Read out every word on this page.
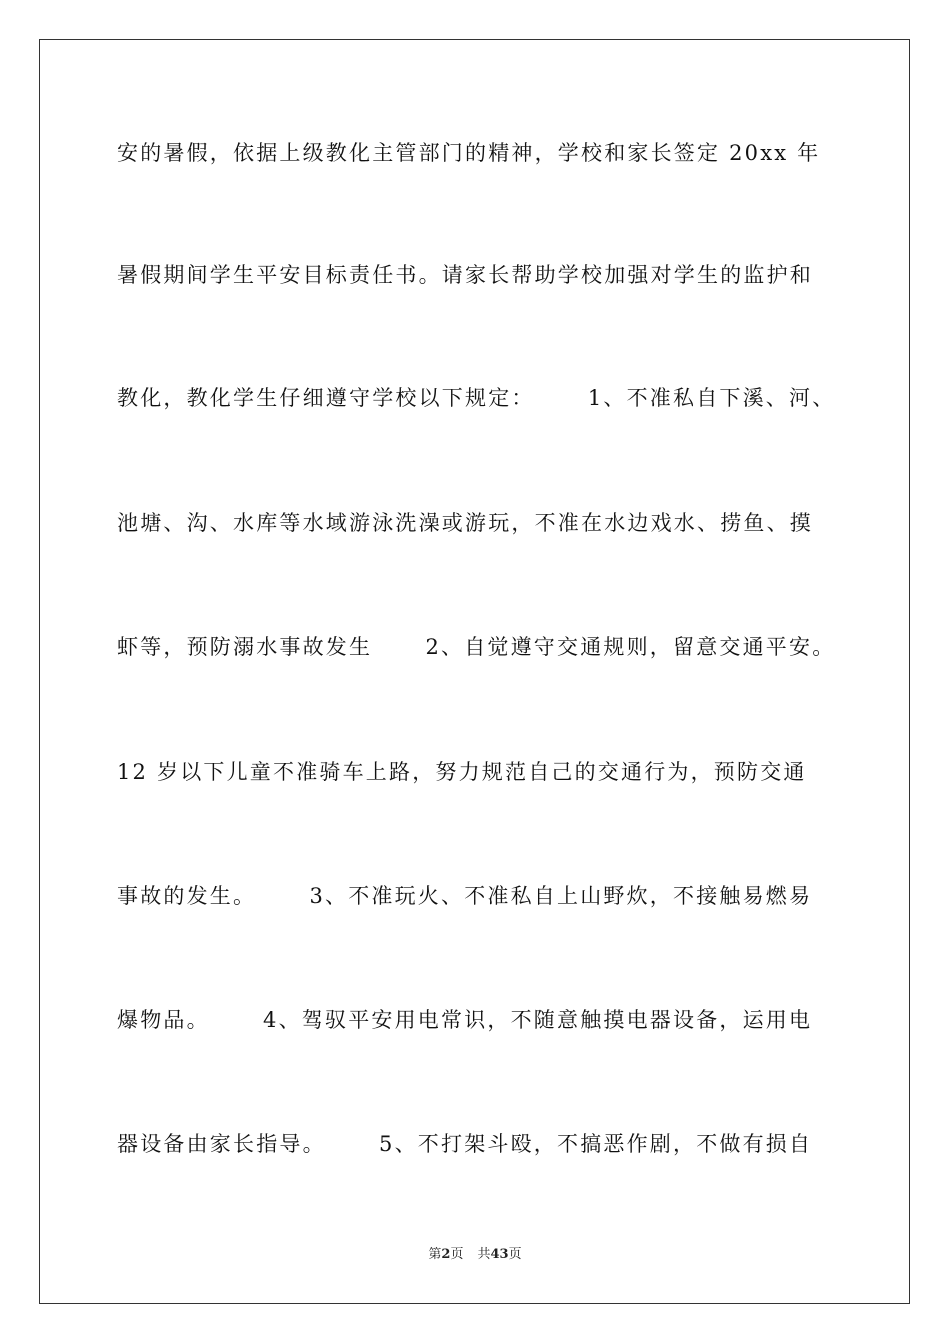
安的暑假，依据上级教化主管部门的精神，学校和家长签定 20xx 年
暑假期间学生平安目标责任书。请家长帮助学校加强对学生的监护和
教化，教化学生仔细遵守学校以下规定：      1、不准私自下溪、河、
池塘、沟、水库等水域游泳洗澡或游玩，不准在水边戏水、捞鱼、摸
虾等，预防溺水事故发生      2、自觉遵守交通规则，留意交通平安。
12 岁以下儿童不准骑车上路，努力规范自己的交通行为，预防交通
事故的发生。      3、不准玩火、不准私自上山野炊，不接触易燃易
爆物品。      4、驾驭平安用电常识，不随意触摸电器设备，运用电
器设备由家长指导。      5、不打架斗殴，不搞恶作剧，不做有损自
第2页 共43页
